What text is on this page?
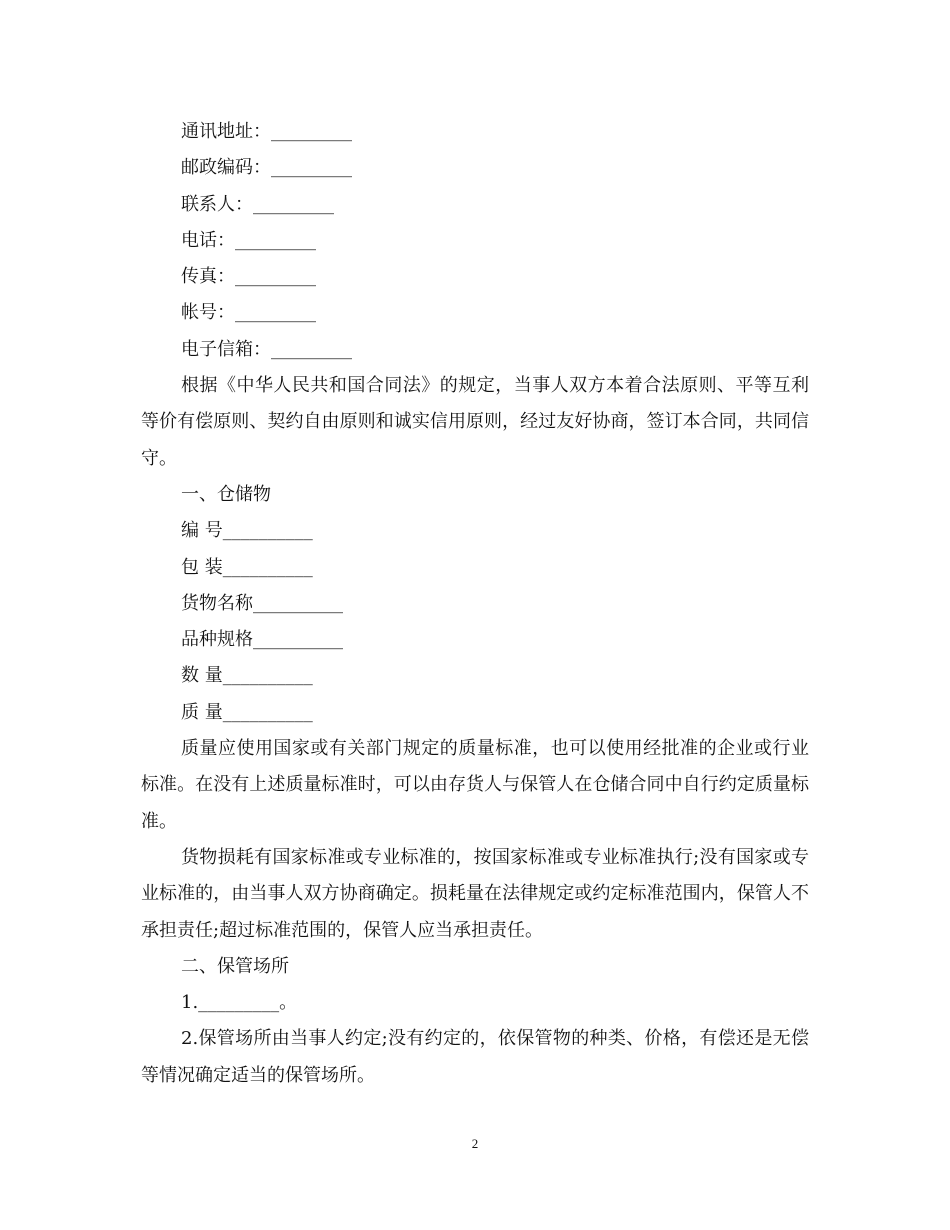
通讯地址：_________
邮政编码：_________
联系人：_________
电话：_________
传真：_________
帐号：_________
电子信箱：_________

根据《中华人民共和国合同法》的规定，当事人双方本着合法原则、平等互利等价有偿原则、契约自由原则和诚实信用原则，经过友好协商，签订本合同，共同信守。

一、仓储物
编 号__________
包 装__________
货物名称__________
品种规格__________
数 量__________
质 量__________

质量应使用国家或有关部门规定的质量标准，也可以使用经批准的企业或行业标准。在没有上述质量标准时，可以由存货人与保管人在仓储合同中自行约定质量标准。

货物损耗有国家标准或专业标准的，按国家标准或专业标准执行;没有国家或专业标准的，由当事人双方协商确定。损耗量在法律规定或约定标准范围内，保管人不承担责任;超过标准范围的，保管人应当承担责任。

二、保管场所
1._________。

2.保管场所由当事人约定;没有约定的，依保管物的种类、价格，有偿还是无偿等情况确定适当的保管场所。

2
